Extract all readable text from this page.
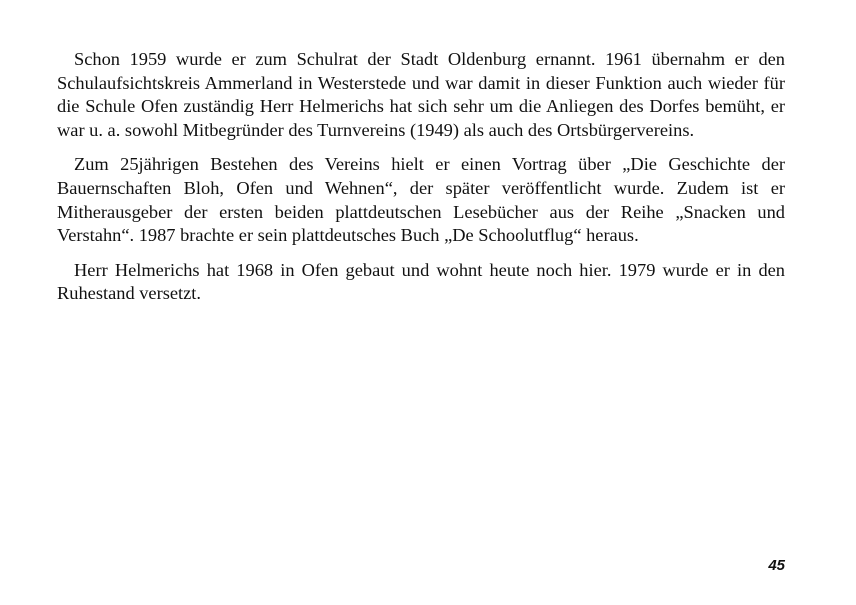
Schon 1959 wurde er zum Schulrat der Stadt Oldenburg ernannt. 1961 übernahm er den Schulaufsichtskreis Ammerland in Westerstede und war damit in dieser Funktion auch wieder für die Schule Ofen zuständig Herr Helmerichs hat sich sehr um die Anliegen des Dorfes bemüht, er war u. a. sowohl Mitbegründer des Turnvereins (1949) als auch des Ortsbürgervereins.

Zum 25jährigen Bestehen des Vereins hielt er einen Vortrag über „Die Geschichte der Bauernschaften Bloh, Ofen und Wehnen“, der später veröffentlicht wurde. Zudem ist er Mitherausgeber der ersten beiden plattdeutschen Lesebücher aus der Reihe „Snacken und Verstahn“. 1987 brachte er sein plattdeutsches Buch „De Schoolutflug“ heraus.

Herr Helmerichs hat 1968 in Ofen gebaut und wohnt heute noch hier. 1979 wurde er in den Ruhestand versetzt.

45
